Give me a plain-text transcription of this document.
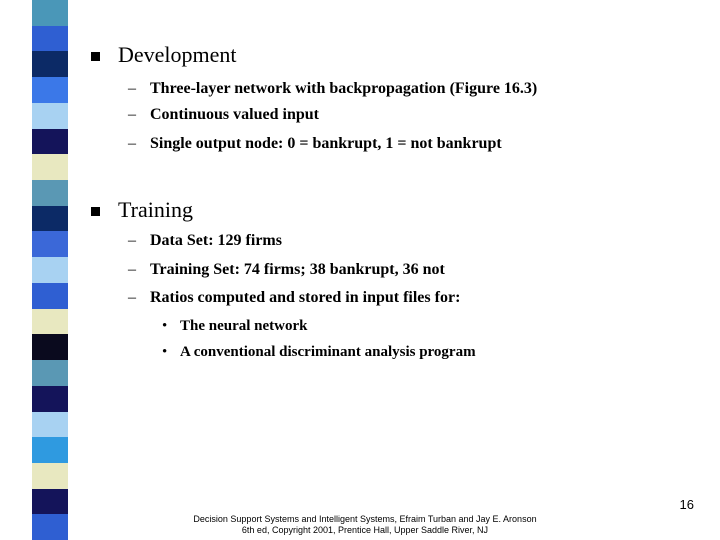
Development
– Three-layer network with backpropagation (Figure 16.3)
– Continuous valued input
– Single output node: 0 = bankrupt, 1 = not bankrupt
Training
– Data Set: 129 firms
– Training Set: 74 firms; 38 bankrupt, 36 not
– Ratios computed and stored in input files for:
• The neural network
• A conventional discriminant analysis program
16
Decision Support Systems and Intelligent Systems, Efraim Turban and Jay E. Aronson
6th ed, Copyright 2001, Prentice Hall, Upper Saddle River, NJ
